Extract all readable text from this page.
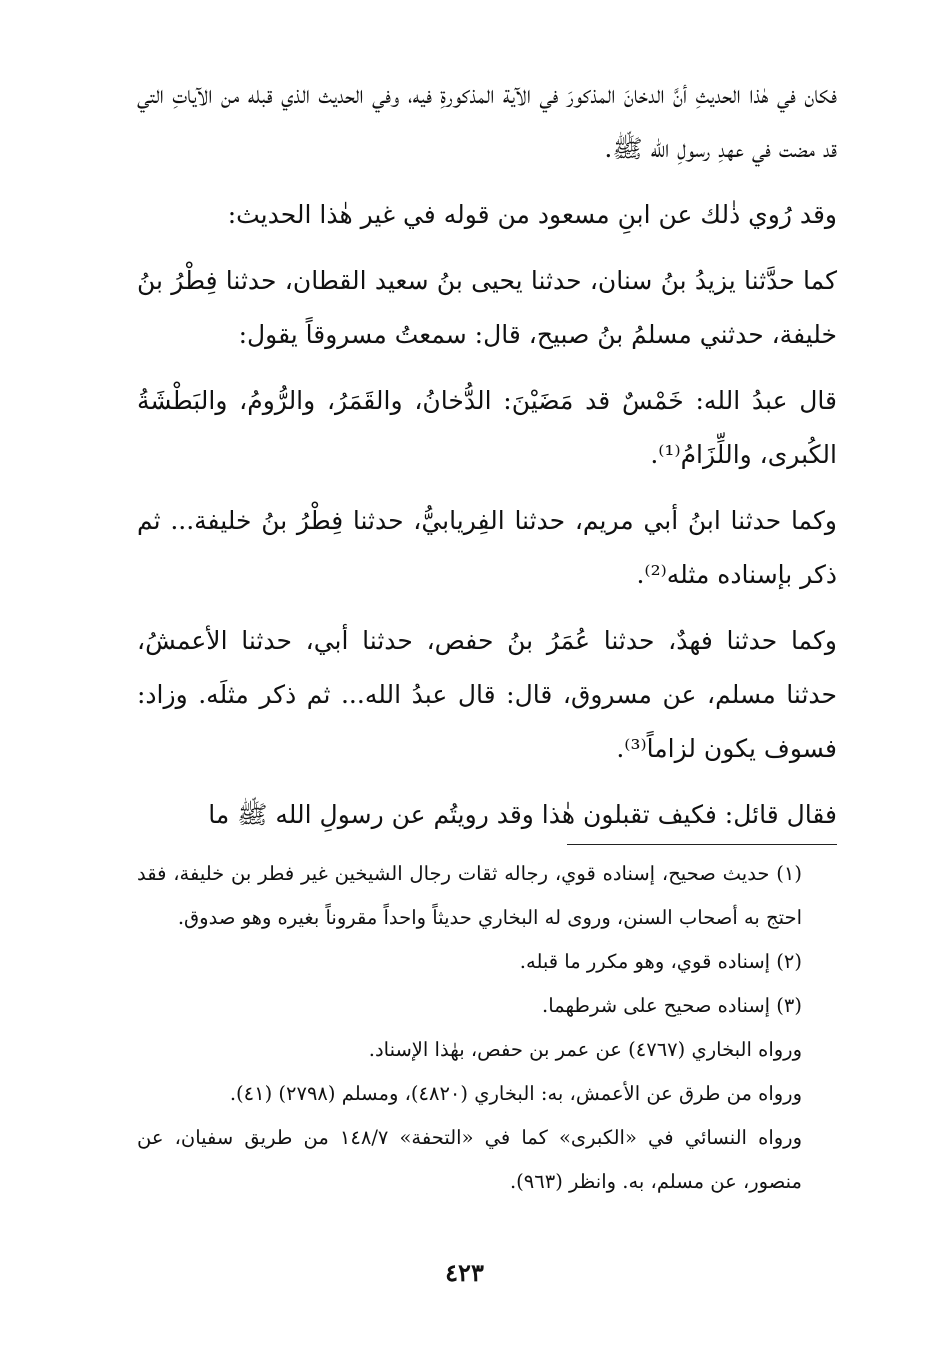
فكان في هٰذا الحديثِ أنَّ الدخانَ المذكورَ في الآية المذكورةِ فيه، وفي الحديث الذي قبله من الآياتِ التي قد مضت في عهدِ رسولِ الله ﷺ.

وقد رُوي ذٰلك عن ابنِ مسعود من قوله في غير هٰذا الحديث:

كما حدَّثنا يزيدُ بنُ سنان، حدثنا يحيى بنُ سعيد القطان، حدثنا فِطْرُ بنُ خليفة، حدثني مسلمُ بنُ صبيح، قال: سمعتُ مسروقاً يقول:

قال عبدُ الله: خَمْسٌ قد مَضَيْنَ: الدُّخانُ، والقَمَرُ، والرُّومُ، والبَطْشَةُ الكُبرى، واللِّزَامُ⁽¹⁾.

وكما حدثنا ابنُ أبي مريم، حدثنا الفِريابيُّ، حدثنا فِطْرُ بنُ خليفة... ثم ذكر بإسناده مثله⁽²⁾.

وكما حدثنا فهدٌ، حدثنا عُمَرُ بنُ حفص، حدثنا أبي، حدثنا الأعمشُ، حدثنا مسلم، عن مسروق، قال: قال عبدُ الله... ثم ذكر مثلَه. وزاد: فسوف يكون لزاماً⁽³⁾.

فقال قائل: فكيف تقبلون هٰذا وقد رويتُم عن رسولِ الله ﷺ ما

(١) حديث صحيح، إسناده قوي، رجاله ثقات رجال الشيخين غير فطر بن خليفة، فقد احتج به أصحاب السنن، وروى له البخاري حديثاً واحداً مقروناً بغيره وهو صدوق.

(٢) إسناده قوي، وهو مكرر ما قبله.

(٣) إسناده صحيح على شرطهما.

ورواه البخاري (٤٧٦٧) عن عمر بن حفص، بهٰذا الإسناد.

ورواه من طرق عن الأعمش، به: البخاري (٤٨٢٠)، ومسلم (٢٧٩٨) (٤١).

ورواه النسائي في «الكبرى» كما في «التحفة» ١٤٨/٧ من طريق سفيان، عن منصور، عن مسلم، به. وانظر (٩٦٣).

٤٢٣
